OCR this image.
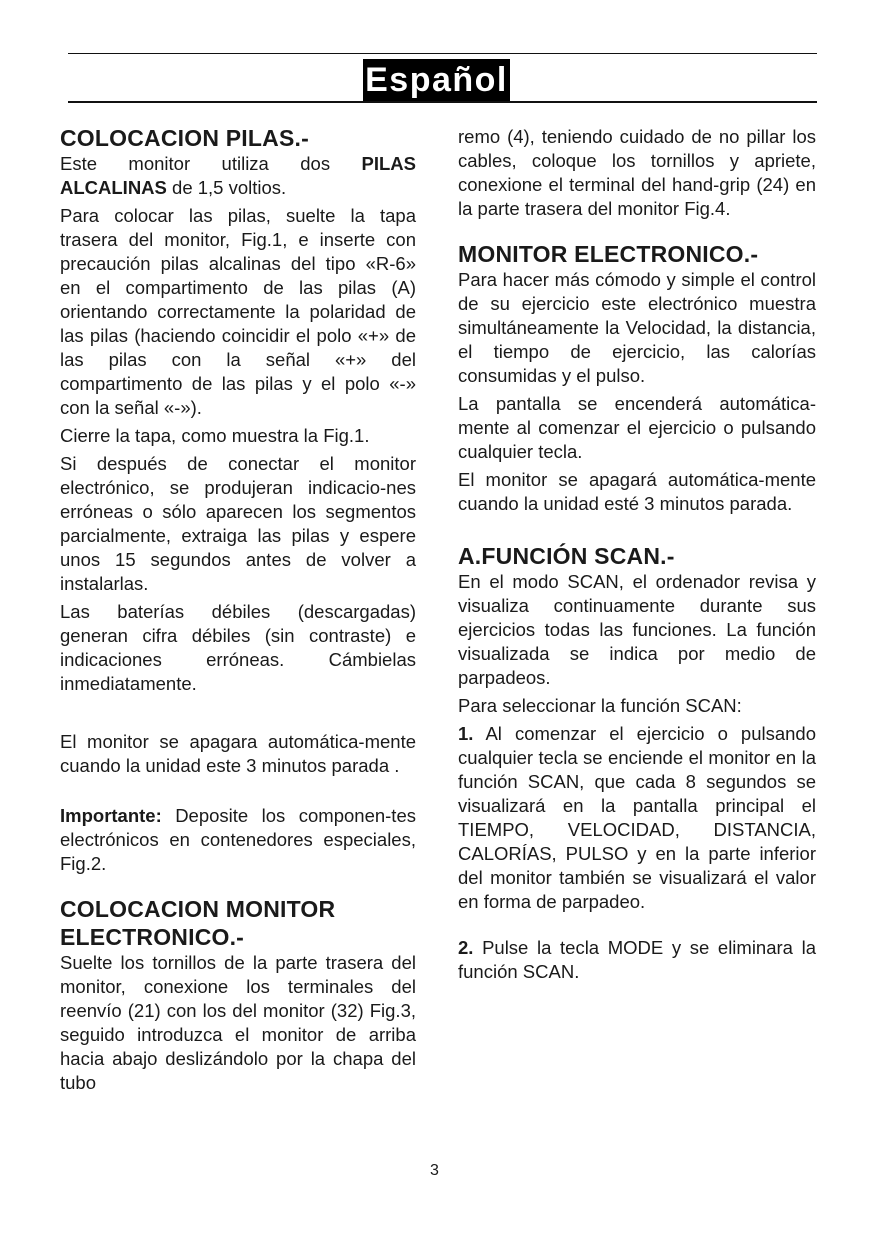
Español
COLOCACION PILAS.-

Este monitor utiliza dos PILAS ALCALINAS de 1,5 voltios.

Para colocar las pilas, suelte la tapa trasera del monitor, Fig.1, e inserte con precaución pilas alcalinas del tipo «R-6» en el compartimento de las pilas (A) orientando correctamente la polaridad de las pilas (haciendo coincidir el polo «+» de las pilas con la señal «+» del compartimento de las pilas y el polo «-» con la señal «-»).

Cierre la tapa, como muestra la Fig.1.

Si después de conectar el monitor electrónico, se produjeran indicacio-nes erróneas o sólo aparecen los segmentos parcialmente, extraiga las pilas y espere unos 15 segundos antes de volver a instalarlas.

Las baterías débiles (descargadas) generan cifra débiles (sin contraste) e indicaciones erróneas. Cámbielas inmediatamente.

El monitor se apagara automática-mente cuando la unidad este 3 minutos parada .

Importante: Deposite los componen-tes electrónicos en contenedores especiales, Fig.2.

COLOCACION MONITOR ELECTRONICO.-

Suelte los tornillos de la parte trasera del monitor, conexione los terminales del reenvío (21) con los del monitor (32) Fig.3, seguido introduzca el monitor de arriba hacia abajo deslizándolo por la chapa del tubo

remo (4), teniendo cuidado de no pillar los cables, coloque los tornillos y apriete, conexione el terminal del hand-grip (24) en la parte trasera del monitor Fig.4.

MONITOR ELECTRONICO.-

Para hacer más cómodo y simple el control de su ejercicio este electrónico muestra simultáneamente la Velocidad, la distancia, el tiempo de ejercicio, las calorías consumidas y el pulso.

La pantalla se encenderá automática-mente al comenzar el ejercicio o pulsando cualquier tecla.

El monitor se apagará automática-mente cuando la unidad esté 3 minutos parada.

A.FUNCIÓN SCAN.-

En el modo SCAN, el ordenador revisa y visualiza continuamente durante sus ejercicios todas las funciones. La función visualizada se indica por medio de parpadeos.

Para seleccionar la función SCAN:

1. Al comenzar el ejercicio o pulsando cualquier tecla se enciende el monitor en la función SCAN, que cada 8 segundos se visualizará en la pantalla principal el TIEMPO, VELOCIDAD, DISTANCIA, CALORÍAS, PULSO y en la parte inferior del monitor también se visualizará el valor en forma de parpadeo.

2. Pulse la tecla MODE y se eliminara la función SCAN.

3
